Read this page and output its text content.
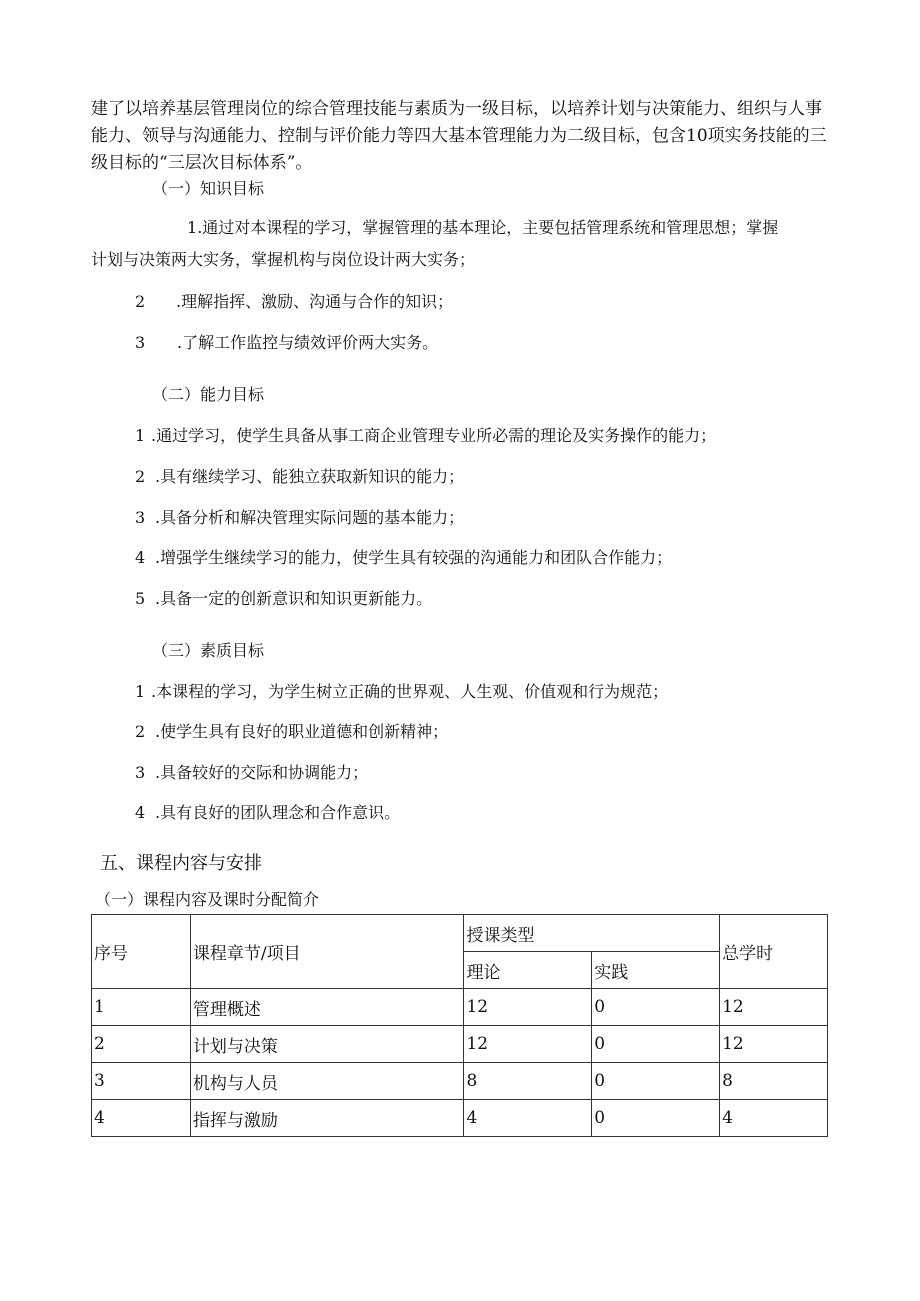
建了以培养基层管理岗位的综合管理技能与素质为一级目标，以培养计划与决策能力、组织与人事能力、领导与沟通能力、控制与评价能力等四大基本管理能力为二级目标，包含10项实务技能的三级目标的“三层次目标体系”。

（一）知识目标

1.通过对本课程的学习，掌握管理的基本理论，主要包括管理系统和管理思想；掌握计划与决策两大实务，掌握机构与岗位设计两大实务；

2 .理解指挥、激励、沟通与合作的知识；

3 .了解工作监控与绩效评价两大实务。

（二）能力目标

1 .通过学习，使学生具备从事工商企业管理专业所必需的理论及实务操作的能力；

2 .具有继续学习、能独立获取新知识的能力；

3 .具备分析和解决管理实际问题的基本能力；

4 .增强学生继续学习的能力，使学生具有较强的沟通能力和团队合作能力；

5 .具备一定的创新意识和知识更新能力。

（三）素质目标

1 .本课程的学习，为学生树立正确的世界观、人生观、价值观和行为规范；

2 .使学生具有良好的职业道德和创新精神；

3 .具备较好的交际和协调能力；

4 .具有良好的团队理念和合作意识。

五、课程内容与安排

（一）课程内容及课时分配简介

序号	课程章节/项目	授课类型		总学时
		理论	实践	
1	管理概述	12	0	12
2	计划与决策	12	0	12
3	机构与人员	8	0	8
4	指挥与激励	4	0	4
